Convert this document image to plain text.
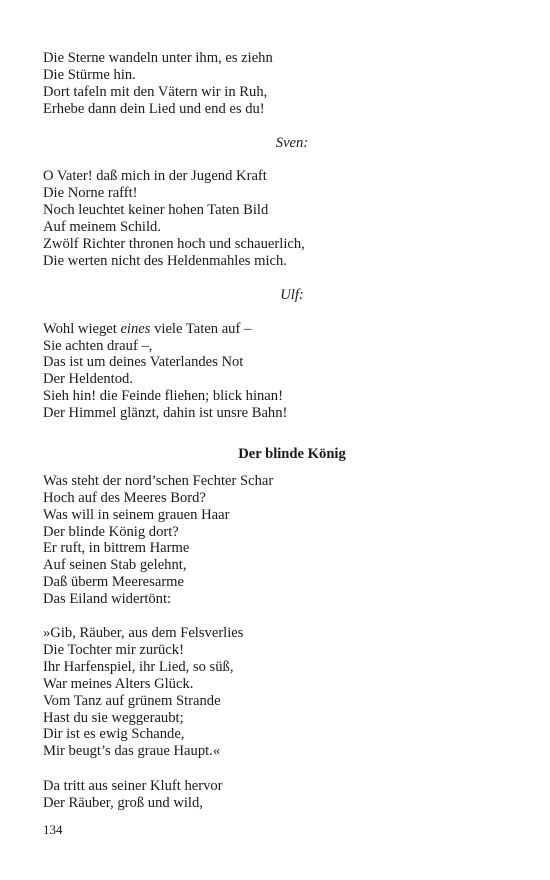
Die Sterne wandeln unter ihm, es ziehn
Die Stürme hin.
Dort tafeln mit den Vätern wir in Ruh,
Erhebe dann dein Lied und end es du!
Sven:
O Vater! daß mich in der Jugend Kraft
Die Norne rafft!
Noch leuchtet keiner hohen Taten Bild
Auf meinem Schild.
Zwölf Richter thronen hoch und schauerlich,
Die werten nicht des Heldenmahles mich.
Ulf:
Wohl wieget eines viele Taten auf –
Sie achten drauf –,
Das ist um deines Vaterlandes Not
Der Heldentod.
Sieh hin! die Feinde fliehen; blick hinan!
Der Himmel glänzt, dahin ist unsre Bahn!
Der blinde König
Was steht der nord’schen Fechter Schar
Hoch auf des Meeres Bord?
Was will in seinem grauen Haar
Der blinde König dort?
Er ruft, in bittrem Harme
Auf seinen Stab gelehnt,
Daß überm Meeresarme
Das Eiland widertönt:
»Gib, Räuber, aus dem Felsverlies
Die Tochter mir zurück!
Ihr Harfenspiel, ihr Lied, so süß,
War meines Alters Glück.
Vom Tanz auf grünem Strande
Hast du sie weggeraubt;
Dir ist es ewig Schande,
Mir beugt’s das graue Haupt.«
Da tritt aus seiner Kluft hervor
Der Räuber, groß und wild,
134
